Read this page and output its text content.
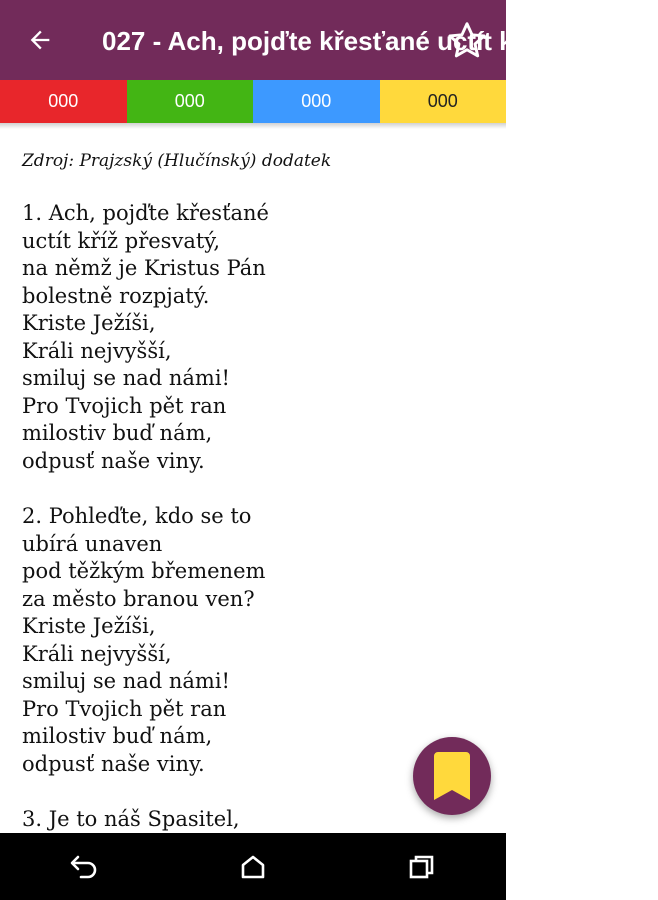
027 - Ach, pojďte křesťané uctít kříž přesvatý
000	000	000	000
Zdroj: Prajzský (Hlučínský) dodatek
1. Ach, pojďte křesťané
uctít kříž přesvatý,
na němž je Kristus Pán
bolestně rozpjatý.
Kriste Ježíši,
Králi nejvyšší,
smiluj se nad námi!
Pro Tvojich pět ran
milostiv buď nám,
odpusť naše viny.
2. Pohleďte, kdo se to
ubírá unaven
pod těžkým břemenem
za město branou ven?
Kriste Ježíši,
Králi nejvyšší,
smiluj se nad námi!
Pro Tvojich pět ran
milostiv buď nám,
odpusť naše viny.
3. Je to náš Spasitel,
